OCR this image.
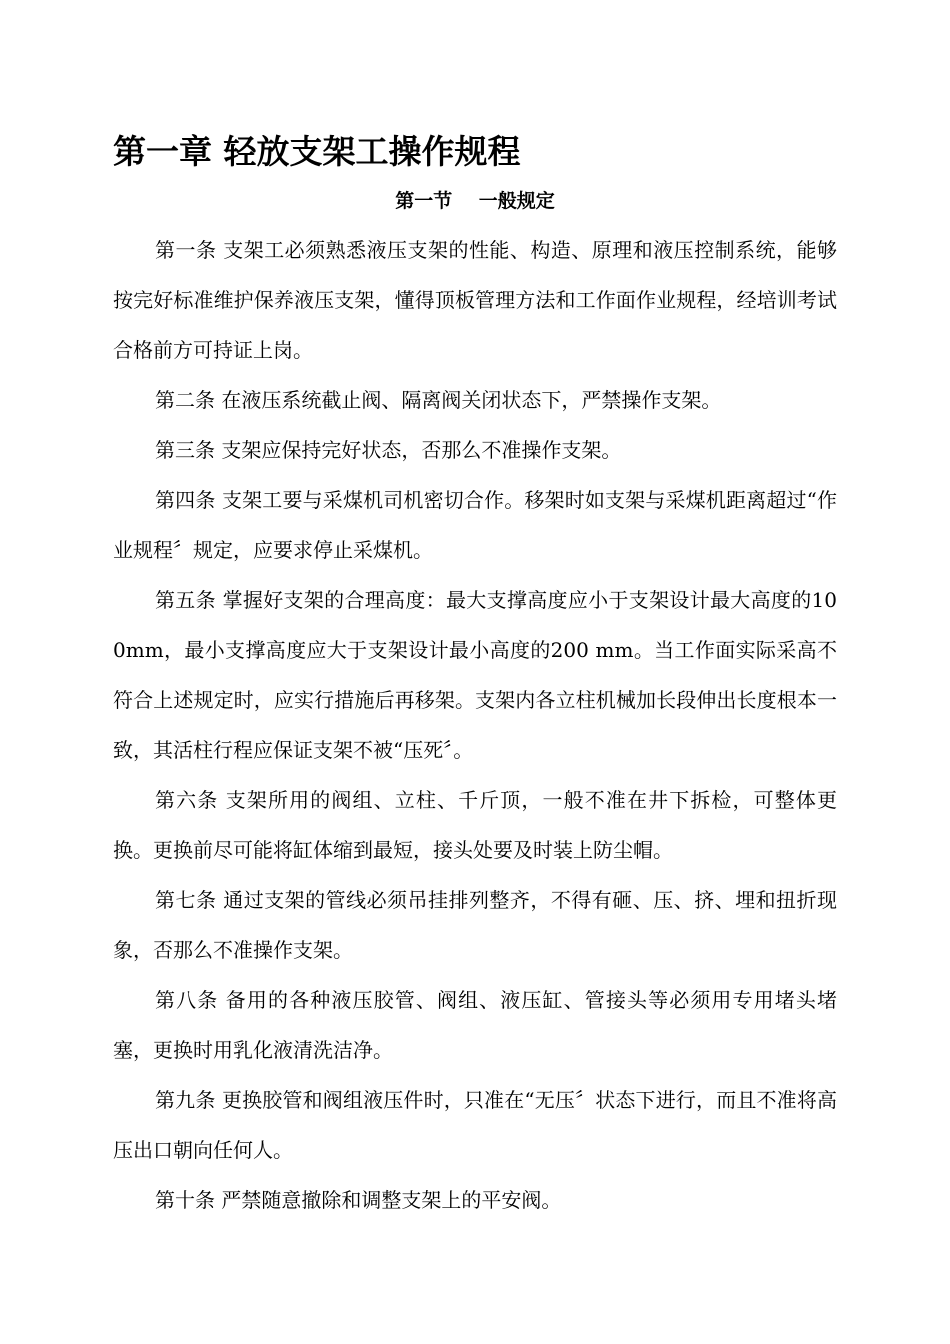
第一章 轻放支架工操作规程
第一节    一般规定

第一条 支架工必须熟悉液压支架的性能、构造、原理和液压控制系统，能够按完好标准维护保养液压支架，懂得顶板管理方法和工作面作业规程，经培训考试合格前方可持证上岗。

第二条 在液压系统截止阀、隔离阀关闭状态下，严禁操作支架。

第三条 支架应保持完好状态，否那么不准操作支架。

第四条 支架工要与采煤机司机密切合作。移架时如支架与采煤机距离超过“作业规程〞规定，应要求停止采煤机。

第五条 掌握好支架的合理高度：最大支撑高度应小于支架设计最大高度的100mm，最小支撑高度应大于支架设计最小高度的200 mm。当工作面实际采高不符合上述规定时，应实行措施后再移架。支架内各立柱机械加长段伸出长度根本一致，其活柱行程应保证支架不被“压死〞。

第六条 支架所用的阀组、立柱、千斤顶，一般不准在井下拆检，可整体更换。更换前尽可能将缸体缩到最短，接头处要及时装上防尘帽。

第七条 通过支架的管线必须吊挂排列整齐，不得有砸、压、挤、埋和扭折现象，否那么不准操作支架。

第八条 备用的各种液压胶管、阀组、液压缸、管接头等必须用专用堵头堵塞，更换时用乳化液清洗洁净。

第九条 更换胶管和阀组液压件时，只准在“无压〞状态下进行，而且不准将高压出口朝向任何人。

第十条 严禁随意撤除和调整支架上的平安阀。
